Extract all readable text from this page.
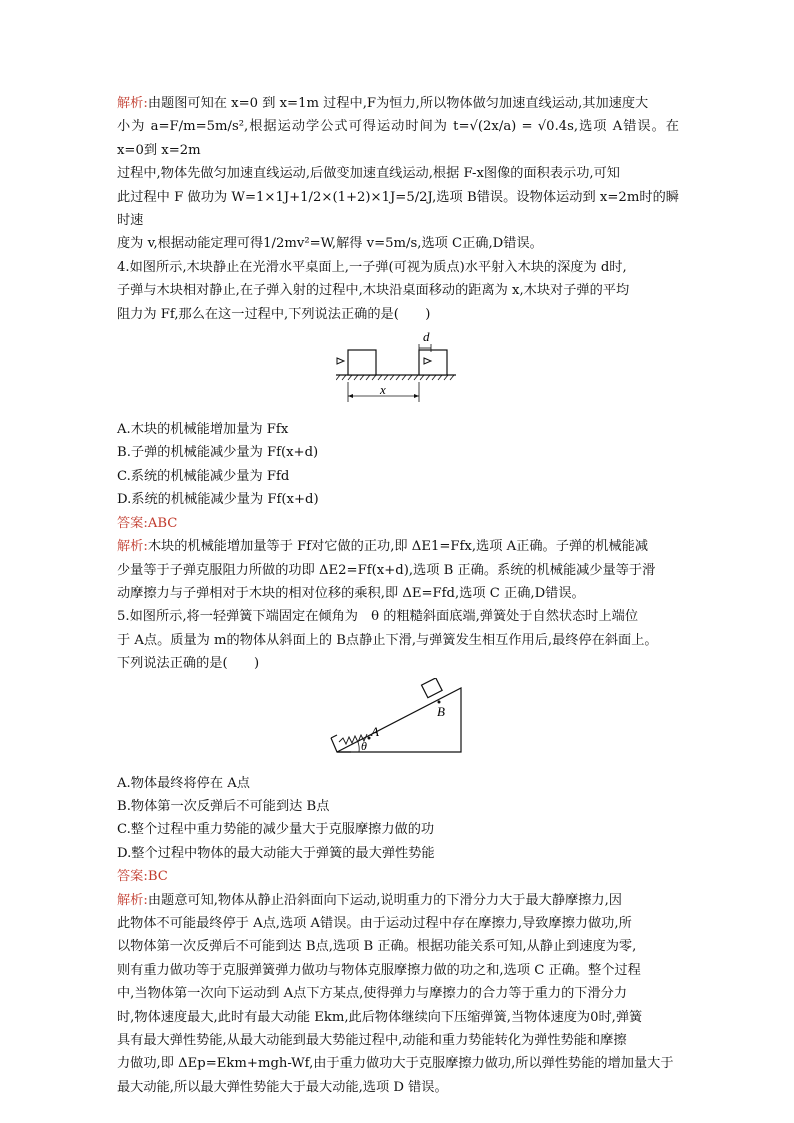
解析:由题图可知在 x=0 到 x=1m 过程中,F为恒力,所以物体做匀加速直线运动,其加速度大

小为 a=F/m=5m/s²,根据运动学公式可得运动时间为 t=√(2x/a) = √0.4s,选项 A错误。在 x=0到 x=2m

过程中,物体先做匀加速直线运动,后做变加速直线运动,根据 F-x图像的面积表示功,可知

此过程中 F 做功为 W=1×1J+1/2×(1+2)×1J=5/2J,选项 B错误。设物体运动到 x=2m时的瞬时速

度为 v,根据动能定理可得1/2mv²=W,解得 v=5m/s,选项 C正确,D错误。

4.如图所示,木块静止在光滑水平桌面上,一子弹(可视为质点)水平射入木块的深度为 d时,

子弹与木块相对静止,在子弹入射的过程中,木块沿桌面移动的距离为 x,木块对子弹的平均

阻力为 Ff,那么在这一过程中,下列说法正确的是(　　)

d
x

A.木块的机械能增加量为 Ffx

B.子弹的机械能减少量为 Ff(x+d)

C.系统的机械能减少量为 Ffd

D.系统的机械能减少量为 Ff(x+d)

答案:ABC

解析:木块的机械能增加量等于 Ff对它做的正功,即 ΔE1=Ffx,选项 A正确。子弹的机械能减

少量等于子弹克服阻力所做的功即 ΔE2=Ff(x+d),选项 B 正确。系统的机械能减少量等于滑

动摩擦力与子弹相对于木块的相对位移的乘积,即 ΔE=Ffd,选项 C 正确,D错误。

5.如图所示,将一轻弹簧下端固定在倾角为　θ 的粗糙斜面底端,弹簧处于自然状态时上端位

于 A点。质量为 m的物体从斜面上的 B点静止下滑,与弹簧发生相互作用后,最终停在斜面上。

下列说法正确的是(　　)

A
θ
B

A.物体最终将停在 A点

B.物体第一次反弹后不可能到达 B点

C.整个过程中重力势能的减少量大于克服摩擦力做的功

D.整个过程中物体的最大动能大于弹簧的最大弹性势能

答案:BC

解析:由题意可知,物体从静止沿斜面向下运动,说明重力的下滑分力大于最大静摩擦力,因

此物体不可能最终停于 A点,选项 A错误。由于运动过程中存在摩擦力,导致摩擦力做功,所

以物体第一次反弹后不可能到达 B点,选项 B 正确。根据功能关系可知,从静止到速度为零,

则有重力做功等于克服弹簧弹力做功与物体克服摩擦力做的功之和,选项 C 正确。整个过程

中,当物体第一次向下运动到 A点下方某点,使得弹力与摩擦力的合力等于重力的下滑分力

时,物体速度最大,此时有最大动能 Ekm,此后物体继续向下压缩弹簧,当物体速度为0时,弹簧

具有最大弹性势能,从最大动能到最大势能过程中,动能和重力势能转化为弹性势能和摩擦

力做功,即 ΔEp=Ekm+mgh-Wf,由于重力做功大于克服摩擦力做功,所以弹性势能的增加量大于

最大动能,所以最大弹性势能大于最大动能,选项 D 错误。
